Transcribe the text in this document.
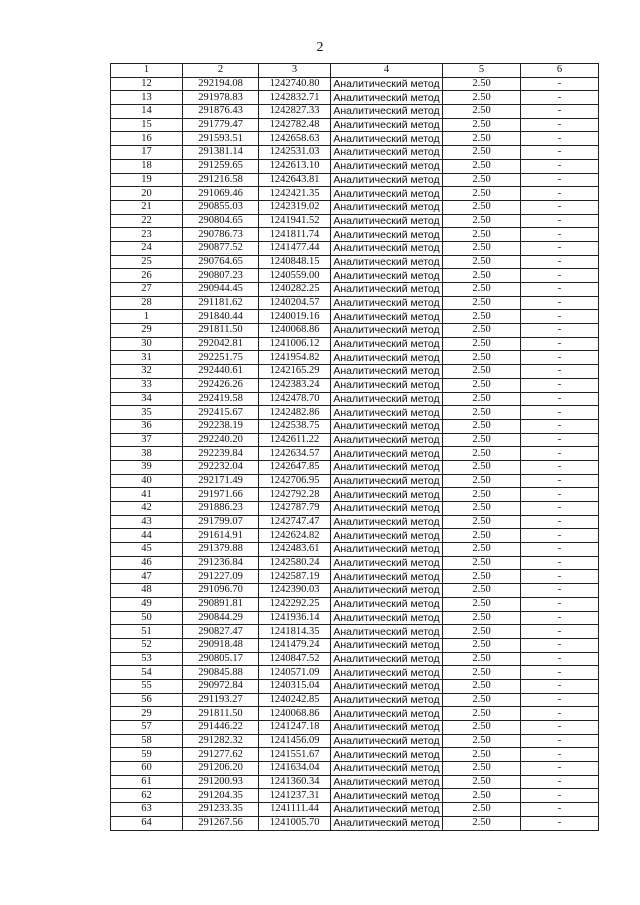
2
1	2	3	4	5	6
12	292194.08	1242740.80	Аналитический метод	2.50	-
13	291978.83	1242832.71	Аналитический метод	2.50	-
14	291876.43	1242827.33	Аналитический метод	2.50	-
15	291779.47	1242782.48	Аналитический метод	2.50	-
16	291593.51	1242658.63	Аналитический метод	2.50	-
17	291381.14	1242531.03	Аналитический метод	2.50	-
18	291259.65	1242613.10	Аналитический метод	2.50	-
19	291216.58	1242643.81	Аналитический метод	2.50	-
20	291069.46	1242421.35	Аналитический метод	2.50	-
21	290855.03	1242319.02	Аналитический метод	2.50	-
22	290804.65	1241941.52	Аналитический метод	2.50	-
23	290786.73	1241811.74	Аналитический метод	2.50	-
24	290877.52	1241477.44	Аналитический метод	2.50	-
25	290764.65	1240848.15	Аналитический метод	2.50	-
26	290807.23	1240559.00	Аналитический метод	2.50	-
27	290944.45	1240282.25	Аналитический метод	2.50	-
28	291181.62	1240204.57	Аналитический метод	2.50	-
1	291840.44	1240019.16	Аналитический метод	2.50	-
29	291811.50	1240068.86	Аналитический метод	2.50	-
30	292042.81	1241006.12	Аналитический метод	2.50	-
31	292251.75	1241954.82	Аналитический метод	2.50	-
32	292440.61	1242165.29	Аналитический метод	2.50	-
33	292426.26	1242383.24	Аналитический метод	2.50	-
34	292419.58	1242478.70	Аналитический метод	2.50	-
35	292415.67	1242482.86	Аналитический метод	2.50	-
36	292238.19	1242538.75	Аналитический метод	2.50	-
37	292240.20	1242611.22	Аналитический метод	2.50	-
38	292239.84	1242634.57	Аналитический метод	2.50	-
39	292232.04	1242647.85	Аналитический метод	2.50	-
40	292171.49	1242706.95	Аналитический метод	2.50	-
41	291971.66	1242792.28	Аналитический метод	2.50	-
42	291886.23	1242787.79	Аналитический метод	2.50	-
43	291799.07	1242747.47	Аналитический метод	2.50	-
44	291614.91	1242624.82	Аналитический метод	2.50	-
45	291379.88	1242483.61	Аналитический метод	2.50	-
46	291236.84	1242580.24	Аналитический метод	2.50	-
47	291227.09	1242587.19	Аналитический метод	2.50	-
48	291096.70	1242390.03	Аналитический метод	2.50	-
49	290891.81	1242292.25	Аналитический метод	2.50	-
50	290844.29	1241936.14	Аналитический метод	2.50	-
51	290827.47	1241814.35	Аналитический метод	2.50	-
52	290918.48	1241479.24	Аналитический метод	2.50	-
53	290805.17	1240847.52	Аналитический метод	2.50	-
54	290845.88	1240571.09	Аналитический метод	2.50	-
55	290972.84	1240315.04	Аналитический метод	2.50	-
56	291193.27	1240242.85	Аналитический метод	2.50	-
29	291811.50	1240068.86	Аналитический метод	2.50	-
57	291446.22	1241247.18	Аналитический метод	2.50	-
58	291282.32	1241456.09	Аналитический метод	2.50	-
59	291277.62	1241551.67	Аналитический метод	2.50	-
60	291206.20	1241634.04	Аналитический метод	2.50	-
61	291200.93	1241360.34	Аналитический метод	2.50	-
62	291204.35	1241237.31	Аналитический метод	2.50	-
63	291233.35	1241111.44	Аналитический метод	2.50	-
64	291267.56	1241005.70	Аналитический метод	2.50	-
